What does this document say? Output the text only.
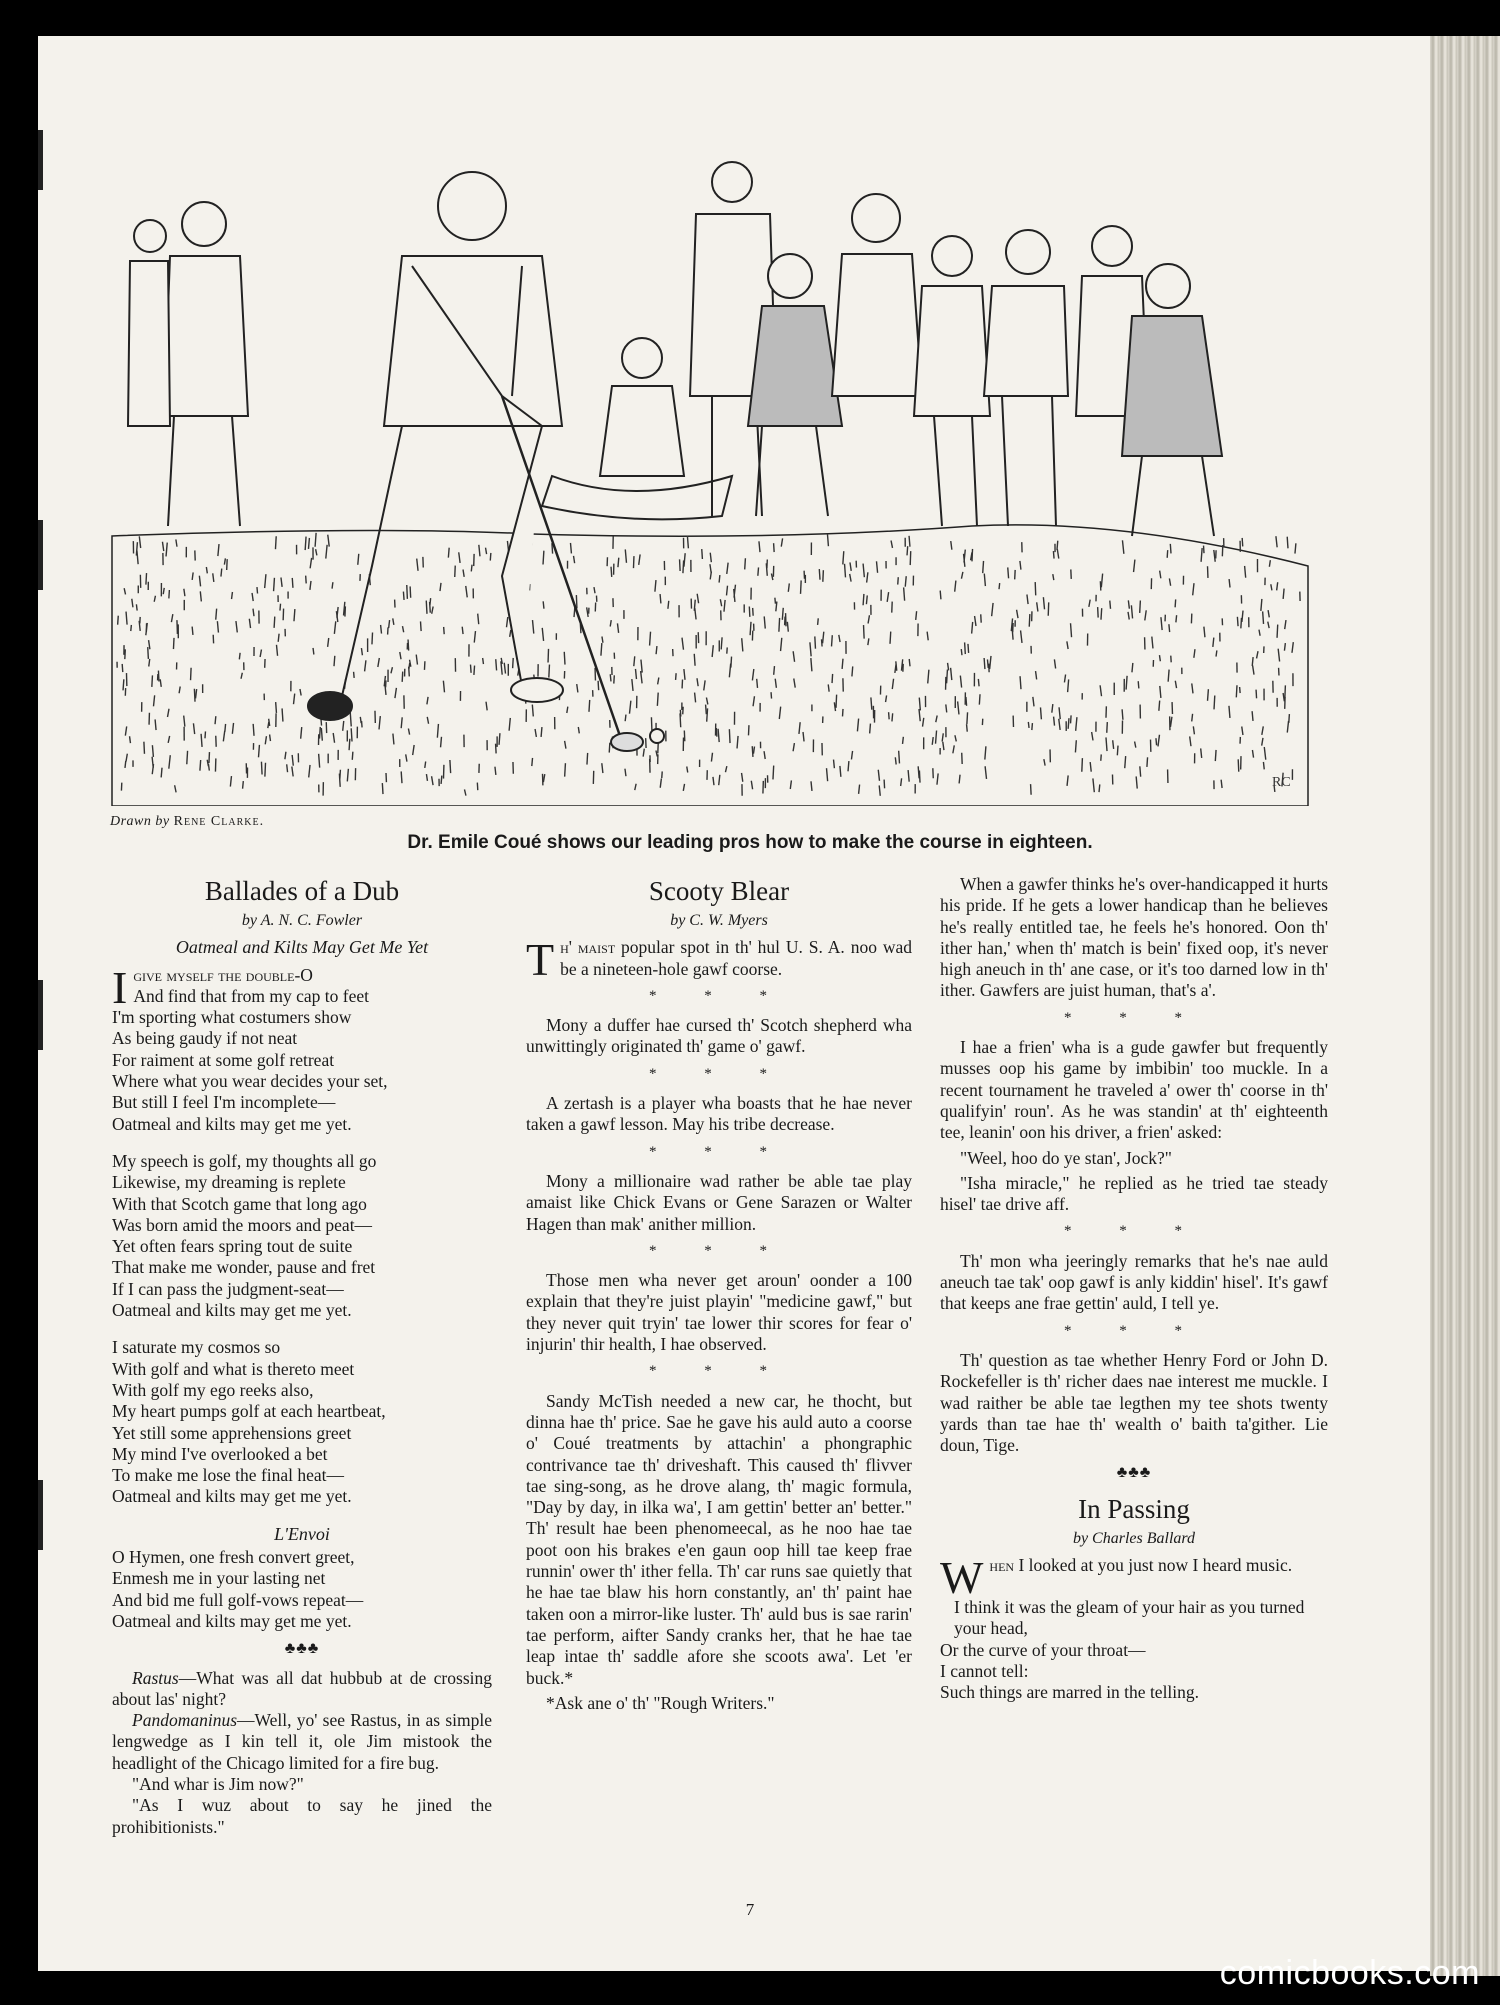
RC
Drawn by Rene Clarke.
Dr. Emile Coué shows our leading pros how to make the course in eighteen.
Ballades of a Dub
by A. N. C. Fowler
Oatmeal and Kilts May Get Me Yet

Igive myself the double-O

And find that from my cap to feet

I'm sporting what costumers show

As being gaudy if not neat

For raiment at some golf retreat

Where what you wear decides your set,

But still I feel I'm incomplete—

Oatmeal and kilts may get me yet.

My speech is golf, my thoughts all go

Likewise, my dreaming is replete

With that Scotch game that long ago

Was born amid the moors and peat—

Yet often fears spring tout de suite

That make me wonder, pause and fret

If I can pass the judgment-seat—

Oatmeal and kilts may get me yet.

I saturate my cosmos so

With golf and what is thereto meet

With golf my ego reeks also,

My heart pumps golf at each heartbeat,

Yet still some apprehensions greet

My mind I've overlooked a bet

To make me lose the final heat—

Oatmeal and kilts may get me yet.

L'Envoi

O Hymen, one fresh convert greet,

Enmesh me in your lasting net

And bid me full golf-vows repeat—

Oatmeal and kilts may get me yet.

♣♣♣

Rastus—What was all dat hubbub at de crossing about las' night?

Pandomaninus—Well, yo' see Rastus, in as simple lengwedge as I kin tell it, ole Jim mistook the headlight of the Chicago limited for a fire bug.

"And whar is Jim now?"

"As I wuz about to say he jined the prohibitionists."

Scooty Blear
by C. W. Myers

Th' maist popular spot in th' hul U. S. A. noo wad be a nineteen-hole gawf coorse.

* * *

Mony a duffer hae cursed th' Scotch shepherd wha unwittingly originated th' game o' gawf.

* * *

A zertash is a player wha boasts that he hae never taken a gawf lesson. May his tribe decrease.

* * *

Mony a millionaire wad rather be able tae play amaist like Chick Evans or Gene Sarazen or Walter Hagen than mak' anither million.

* * *

Those men wha never get aroun' oonder a 100 explain that they're juist playin' "medicine gawf," but they never quit tryin' tae lower thir scores for fear o' injurin' thir health, I hae observed.

* * *

Sandy McTish needed a new car, he thocht, but dinna hae th' price. Sae he gave his auld auto a coorse o' Coué treatments by attachin' a phongraphic contrivance tae th' driveshaft. This caused th' flivver tae sing-song, as he drove alang, th' magic formula, "Day by day, in ilka wa', I am gettin' better an' better." Th' result hae been phenomeecal, as he noo hae tae poot oon his brakes e'en gaun oop hill tae keep frae runnin' ower th' ither fella. Th' car runs sae quietly that he hae tae blaw his horn constantly, an' th' paint hae taken oon a mirror-like luster. Th' auld bus is sae rarin' tae perform, aifter Sandy cranks her, that he hae tae leap intae th' saddle afore she scoots awa'. Let 'er buck.*

*Ask ane o' th' "Rough Writers."

When a gawfer thinks he's over-handicapped it hurts his pride. If he gets a lower handicap than he believes he's really entitled tae, he feels he's honored. Oon th' ither han,' when th' match is bein' fixed oop, it's never high aneuch in th' ane case, or it's too darned low in th' ither. Gawfers are juist human, that's a'.

* * *

I hae a frien' wha is a gude gawfer but frequently musses oop his game by imbibin' too muckle. In a recent tournament he traveled a' ower th' coorse in th' qualifyin' roun'. As he was standin' at th' eighteenth tee, leanin' oon his driver, a frien' asked:

"Weel, hoo do ye stan', Jock?"

"Isha miracle," he replied as he tried tae steady hisel' tae drive aff.

* * *

Th' mon wha jeeringly remarks that he's nae auld aneuch tae tak' oop gawf is anly kiddin' hisel'. It's gawf that keeps ane frae gettin' auld, I tell ye.

* * *

Th' question as tae whether Henry Ford or John D. Rockefeller is th' richer daes nae interest me muckle. I wad raither be able tae legthen my tee shots twenty yards than tae hae th' wealth o' baith ta'gither. Lie doun, Tige.

♣♣♣
In Passing
by Charles Ballard

When I looked at you just now I heard music.

I think it was the gleam of your hair as you turned your head,

Or the curve of your throat—

I cannot tell:

Such things are marred in the telling.

7
comicbooks.com
